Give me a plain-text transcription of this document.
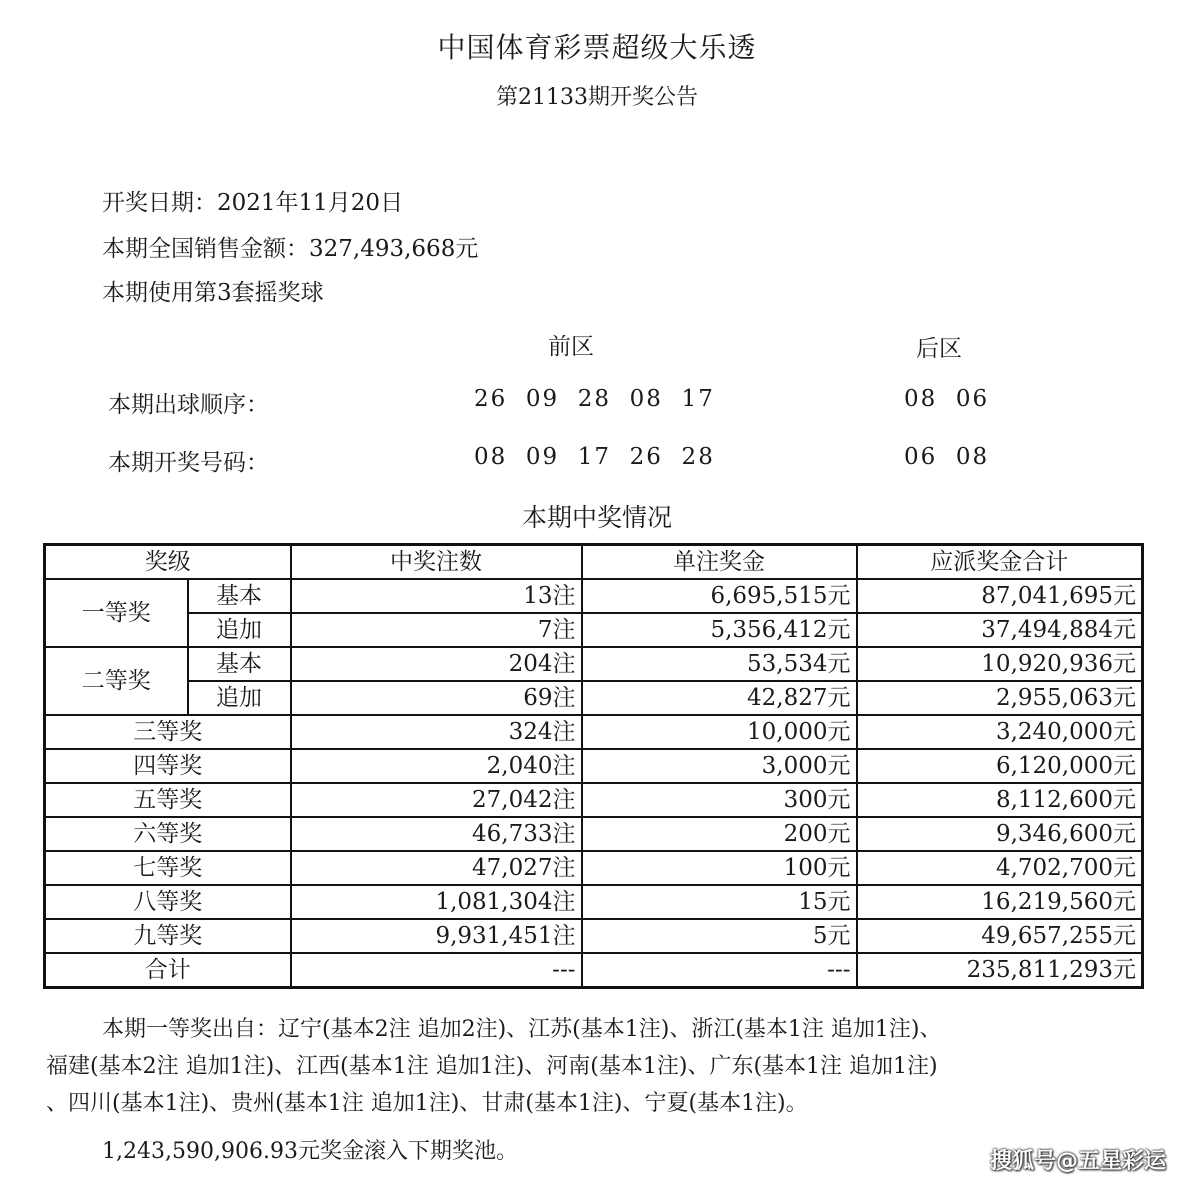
中国体育彩票超级大乐透
第21133期开奖公告
开奖日期：2021年11月20日
本期全国销售金额：327,493,668元
本期使用第3套摇奖球
前区	后区
本期出球顺序：	26  09  28  08  17	08  06
本期开奖号码：	08  09  17  26  28	06  08
本期中奖情况
奖级		中奖注数	单注奖金	应派奖金合计
一等奖	基本	13注	6,695,515元	87,041,695元
	追加	7注	5,356,412元	37,494,884元
二等奖	基本	204注	53,534元	10,920,936元
	追加	69注	42,827元	2,955,063元
三等奖		324注	10,000元	3,240,000元
四等奖		2,040注	3,000元	6,120,000元
五等奖		27,042注	300元	8,112,600元
六等奖		46,733注	200元	9,346,600元
七等奖		47,027注	100元	4,702,700元
八等奖		1,081,304注	15元	16,219,560元
九等奖		9,931,451注	5元	49,657,255元
合计		---	---	235,811,293元
本期一等奖出自：辽宁(基本2注 追加2注)、江苏(基本1注)、浙江(基本1注 追加1注)、
福建(基本2注 追加1注)、江西(基本1注 追加1注)、河南(基本1注)、广东(基本1注 追加1注)
、四川(基本1注)、贵州(基本1注 追加1注)、甘肃(基本1注)、宁夏(基本1注)。
1,243,590,906.93元奖金滚入下期奖池。	搜狐号@五星彩运
